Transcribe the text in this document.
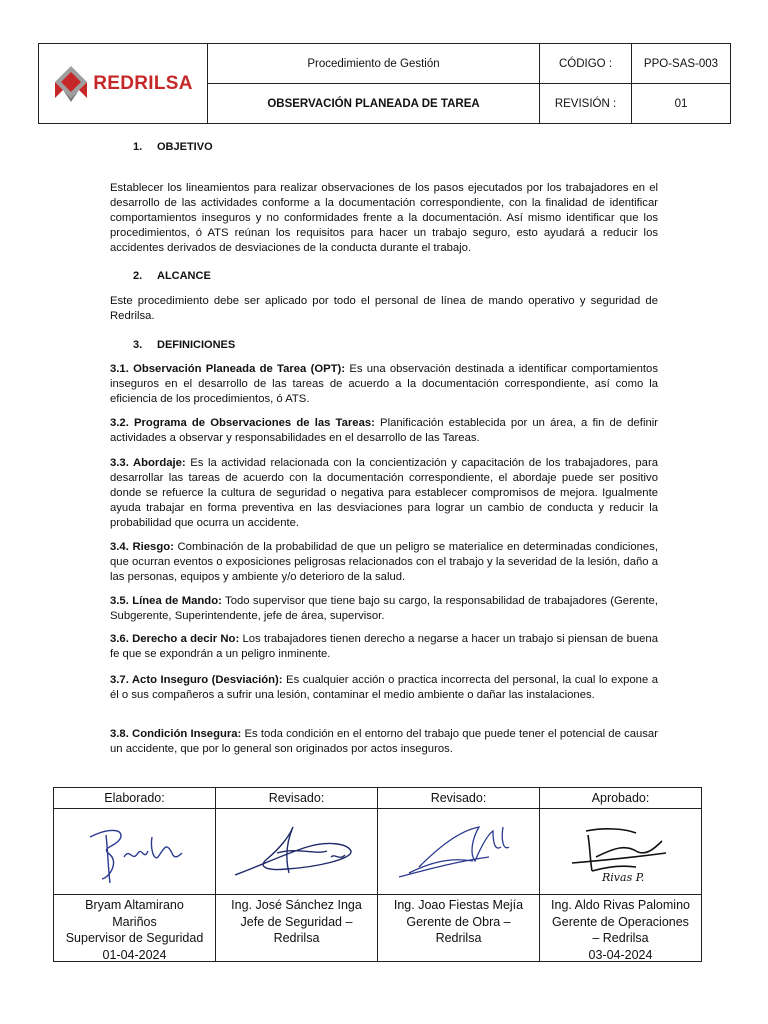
REDRILSA
Procedimiento de Gestión
OBSERVACIÓN PLANEADA DE TAREA
CÓDIGO :
REVISIÓN :
PPO-SAS-003
01
1. OBJETIVO
Establecer los lineamientos para realizar observaciones de los pasos ejecutados por los trabajadores en el desarrollo de las actividades conforme a la documentación correspondiente, con la finalidad de identificar comportamientos inseguros y no conformidades frente a la documentación. Así mismo identificar que los procedimientos, ó ATS reúnan los requisitos para hacer un trabajo seguro, esto ayudará a reducir los accidentes derivados de desviaciones de la conducta durante el trabajo.
2. ALCANCE
Este procedimiento debe ser aplicado por todo el personal de línea de mando operativo y seguridad de Redrilsa.
3. DEFINICIONES
3.1. Observación Planeada de Tarea (OPT): Es una observación destinada a identificar comportamientos inseguros en el desarrollo de las tareas de acuerdo a la documentación correspondiente, así como la eficiencia de los procedimientos, ó ATS.
3.2. Programa de Observaciones de las Tareas: Planificación establecida por un área, a fin de definir actividades a observar y responsabilidades en el desarrollo de las Tareas.
3.3. Abordaje: Es la actividad relacionada con la concientización y capacitación de los trabajadores, para desarrollar las tareas de acuerdo con la documentación correspondiente, el abordaje puede ser positivo donde se refuerce la cultura de seguridad o negativa para establecer compromisos de mejora. Igualmente ayuda trabajar en forma preventiva en las desviaciones para lograr un cambio de conducta y reducir la probabilidad que ocurra un accidente.
3.4. Riesgo: Combinación de la probabilidad de que un peligro se materialice en determinadas condiciones, que ocurran eventos o exposiciones peligrosas relacionados con el trabajo y la severidad de la lesión, daño a las personas, equipos y ambiente y/o deterioro de la salud.
3.5. Línea de Mando: Todo supervisor que tiene bajo su cargo, la responsabilidad de trabajadores (Gerente, Subgerente, Superintendente, jefe de área, supervisor.
3.6. Derecho a decir No: Los trabajadores tienen derecho a negarse a hacer un trabajo si piensan de buena fe que se expondrán a un peligro inminente.
3.7. Acto Inseguro (Desviación): Es cualquier acción o practica incorrecta del personal, la cual lo expone a él o sus compañeros a sufrir una lesión, contaminar el medio ambiente o dañar las instalaciones.
3.8. Condición Insegura: Es toda condición en el entorno del trabajo que puede tener el potencial de causar un accidente, que por lo general son originados por actos inseguros.
Elaborado:
Bryam Altamirano
Mariños
Supervisor de Seguridad
01-04-2024
Revisado:
Ing. José Sánchez Inga
Jefe de Seguridad –
Redrilsa
Revisado:
Ing. Joao Fiestas Mejía
Gerente de Obra –
Redrilsa
Aprobado:
Rivas P.
Ing. Aldo Rivas Palomino
Gerente de Operaciones
– Redrilsa
03-04-2024
